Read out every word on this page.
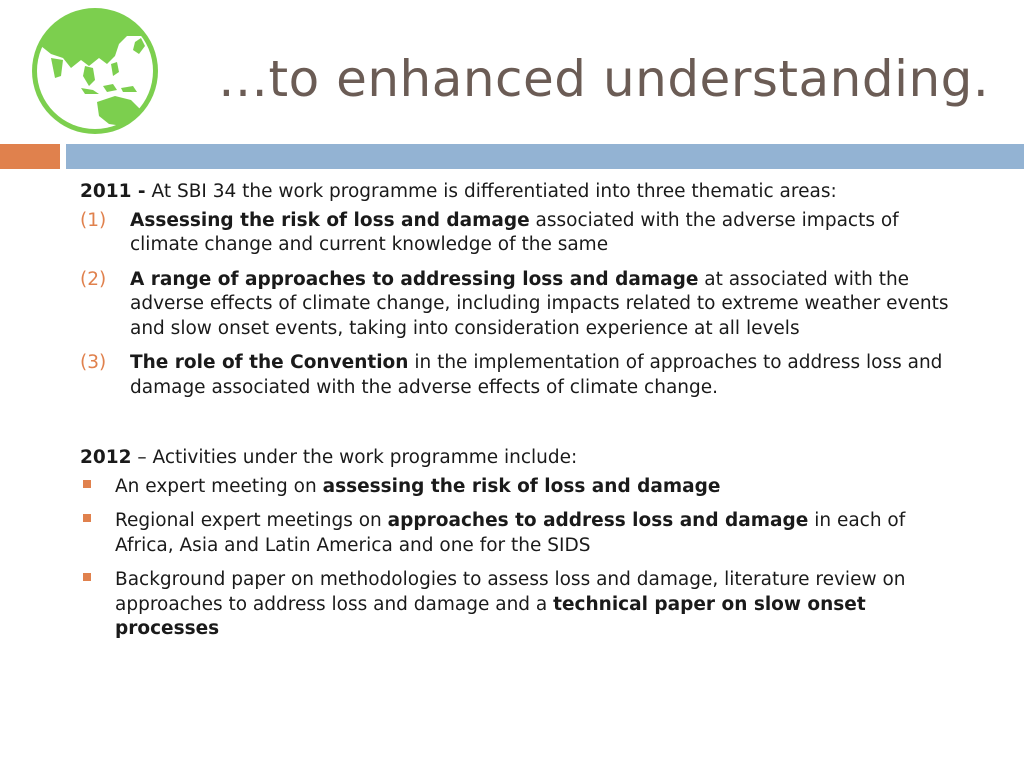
…to enhanced understanding.

2011 - At SBI 34 the work programme is differentiated into three thematic areas:

(1) Assessing the risk of loss and damage associated with the adverse impacts of climate change and current knowledge of the same
(2) A range of approaches to addressing loss and damage at associated with the adverse effects of climate change, including impacts related to extreme weather events and slow onset events, taking into consideration experience at all levels
(3) The role of the Convention in the implementation of approaches to address loss and damage associated with the adverse effects of climate change.

2012 – Activities under the work programme include:

An expert meeting on assessing the risk of loss and damage
Regional expert meetings on approaches to address loss and damage in each of Africa, Asia and Latin America and one for the SIDS
Background paper on methodologies to assess loss and damage, literature review on approaches to address loss and damage and a technical paper on slow onset processes
